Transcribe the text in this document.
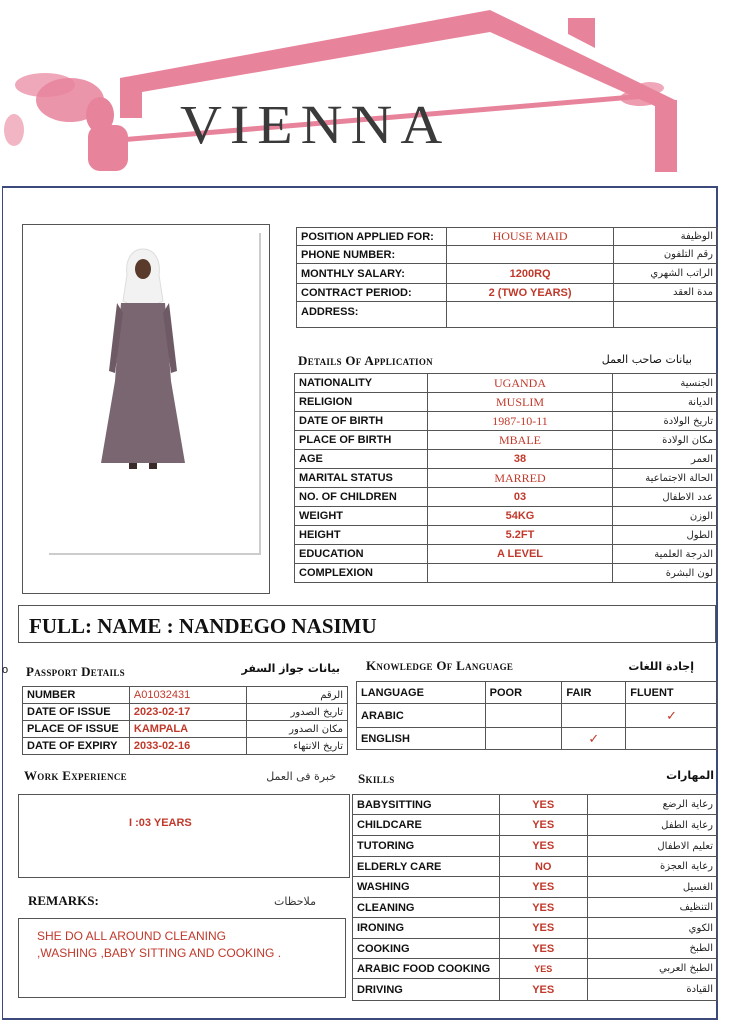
VIENNA
POSITION APPLIED FOR:	HOUSE MAID	الوظيفة
PHONE NUMBER:		رقم التلفون
MONTHLY SALARY:	1200RQ	الراتب الشهري
CONTRACT PERIOD:	2 (TWO YEARS)	مدة العقد
ADDRESS:		
Details Of Application	بيانات صاحب العمل
NATIONALITY	UGANDA	الجنسية
RELIGION	MUSLIM	الديانة
DATE OF BIRTH	1987-10-11	تاريخ الولادة
PLACE OF BIRTH	MBALE	مكان الولادة
AGE	38	العمر
MARITAL STATUS	MARRED	الحالة الاجتماعية
NO. OF CHILDREN	03	عدد الاطفال
WEIGHT	54KG	الوزن
HEIGHT	5.2FT	الطول
EDUCATION	A LEVEL	الدرجة العلمية
COMPLEXION		لون البشرة
FULL: NAME : NANDEGO NASIMU
o Passport Details	بيانات جواز السفر
NUMBER	A01032431	الرقم
DATE OF ISSUE	2023-02-17	تاريخ الصدور
PLACE OF ISSUE	KAMPALA	مكان الصدور
DATE OF EXPIRY	2033-02-16	تاريخ الانتهاء
Knowledge Of Language	إجادة اللغات
LANGUAGE	POOR	FAIR	FLUENT
ARABIC			✓
ENGLISH		✓	
Work Experience	خبرة فى العمل
I :03 YEARS
REMARKS:	ملاحظات
SHE DO ALL AROUND CLEANING
,WASHING ,BABY SITTING AND COOKING .
Skills	المهارات
BABYSITTING	YES	رعاية الرضع
CHILDCARE	YES	رعاية الطفل
TUTORING	YES	تعليم الاطفال
ELDERLY CARE	NO	رعاية العجزة
WASHING	YES	الغسيل
CLEANING	YES	التنظيف
IRONING	YES	الكوي
COOKING	YES	الطبخ
ARABIC FOOD COOKING	YES	الطبخ العربي
DRIVING	YES	القيادة
